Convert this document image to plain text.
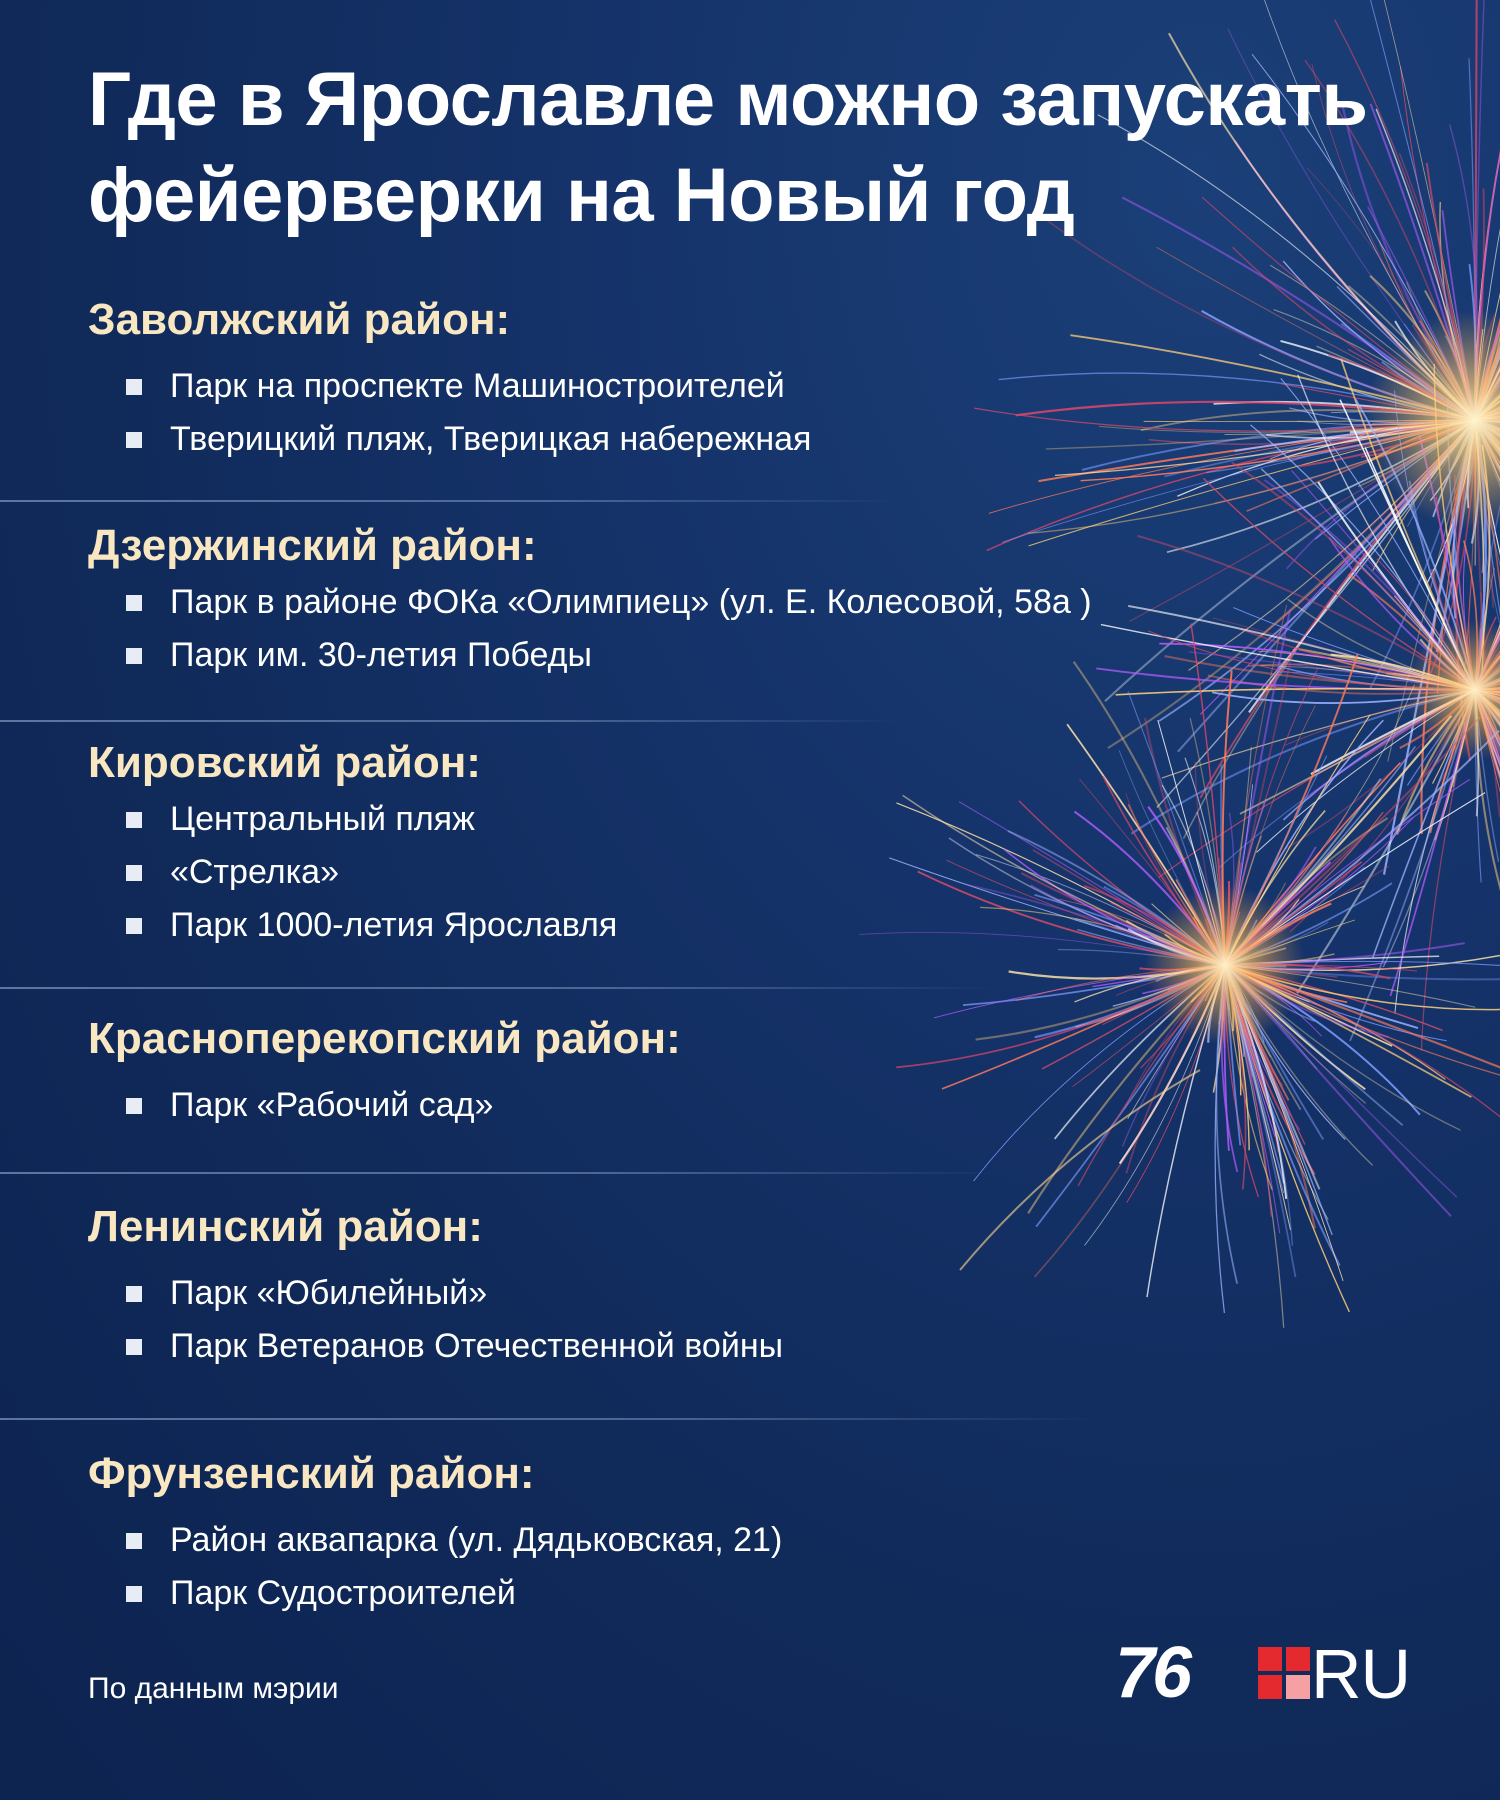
Где в Ярославле можно запускать фейерверки на Новый год
Заволжский район:
Парк на проспекте Машиностроителей
Тверицкий пляж, Тверицкая набережная
Дзержинский район:
Парк в районе ФОКа «Олимпиец» (ул. Е. Колесовой, 58а )
Парк им. 30-летия Победы
Кировский район:
Центральный пляж
«Стрелка»
Парк 1000-летия Ярославля
Красноперекопский район:
Парк «Рабочий сад»
Ленинский район:
Парк «Юбилейный»
Парк Ветеранов Отечественной войны
Фрунзенский район:
Район аквапарка (ул. Дядьковская, 21)
Парк Судостроителей
По данным мэрии	76 RU
